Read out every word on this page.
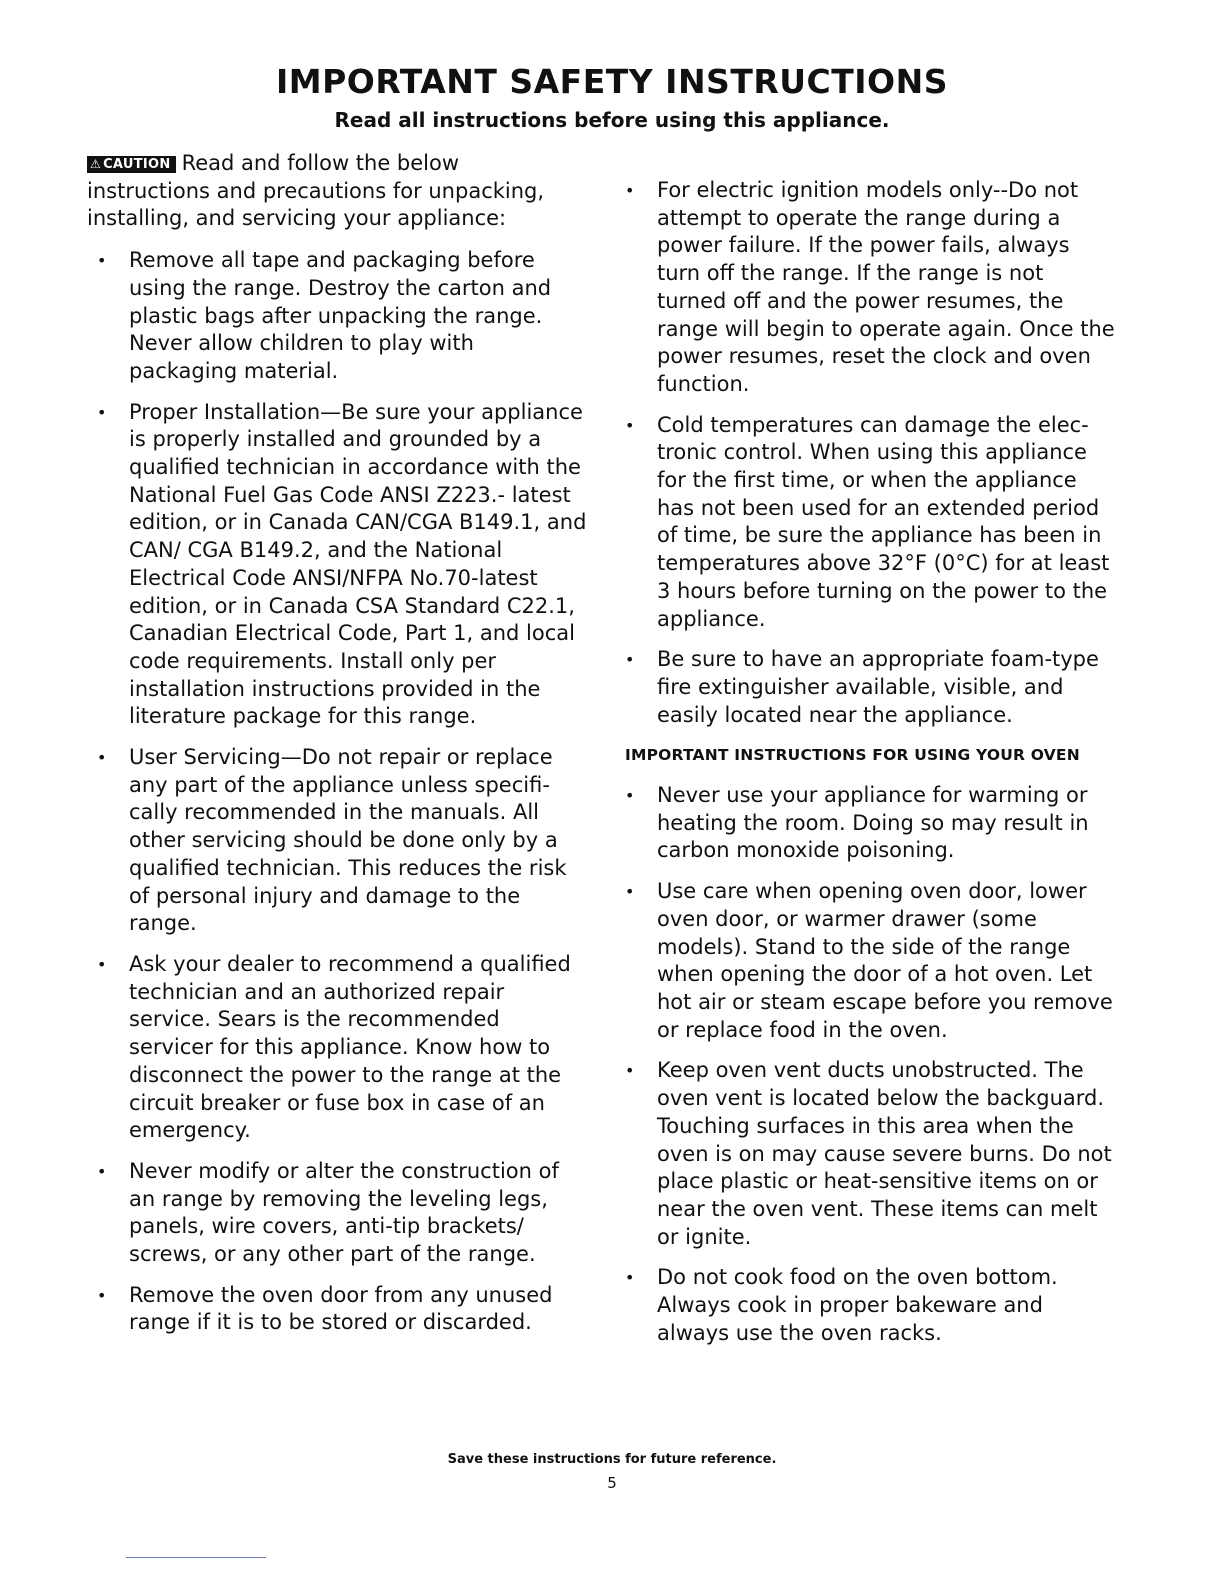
IMPORTANT SAFETY INSTRUCTIONS

Read all instructions before using this appliance.

⚠ CAUTION Read and follow the below instructions and precautions for unpacking, installing, and servicing your appliance:

• Remove all tape and packaging before using the range. Destroy the carton and plastic bags after unpacking the range. Never allow children to play with packaging material.
• Proper Installation—Be sure your appliance is properly installed and grounded by a qualified technician in accordance with the National Fuel Gas Code ANSI Z223.- latest edition, or in Canada CAN/CGA B149.1, and CAN/ CGA B149.2, and the National Electrical Code ANSI/NFPA No.70-latest edition, or in Canada CSA Standard C22.1, Canadian Electrical Code, Part 1, and local code requirements. Install only per installation instructions provided in the literature package for this range.
• User Servicing—Do not repair or replace any part of the appliance unless specifi- cally recommended in the manuals. All other servicing should be done only by a qualified technician. This reduces the risk of personal injury and damage to the range.
• Ask your dealer to recommend a qualified technician and an authorized repair service. Sears is the recommended servicer for this appliance. Know how to disconnect the power to the range at the circuit breaker or fuse box in case of an emergency.
• Never modify or alter the construction of an range by removing the leveling legs, panels, wire covers, anti-tip brackets/ screws, or any other part of the range.
• Remove the oven door from any unused range if it is to be stored or discarded.
• For electric ignition models only--Do not attempt to operate the range during a power failure. If the power fails, always turn off the range. If the range is not turned off and the power resumes, the range will begin to operate again. Once the power resumes, reset the clock and oven function.
• Cold temperatures can damage the elec- tronic control. When using this appliance for the first time, or when the appliance has not been used for an extended period of time, be sure the appliance has been in temperatures above 32°F (0°C) for at least 3 hours before turning on the power to the appliance.
• Be sure to have an appropriate foam-type fire extinguisher available, visible, and easily located near the appliance.
IMPORTANT INSTRUCTIONS FOR USING YOUR OVEN
• Never use your appliance for warming or heating the room. Doing so may result in carbon monoxide poisoning.
• Use care when opening oven door, lower oven door, or warmer drawer (some models). Stand to the side of the range when opening the door of a hot oven. Let hot air or steam escape before you remove or replace food in the oven.
• Keep oven vent ducts unobstructed. The oven vent is located below the backguard. Touching surfaces in this area when the oven is on may cause severe burns. Do not place plastic or heat-sensitive items on or near the oven vent. These items can melt or ignite.
• Do not cook food on the oven bottom. Always cook in proper bakeware and always use the oven racks.

Save these instructions for future reference.

5
